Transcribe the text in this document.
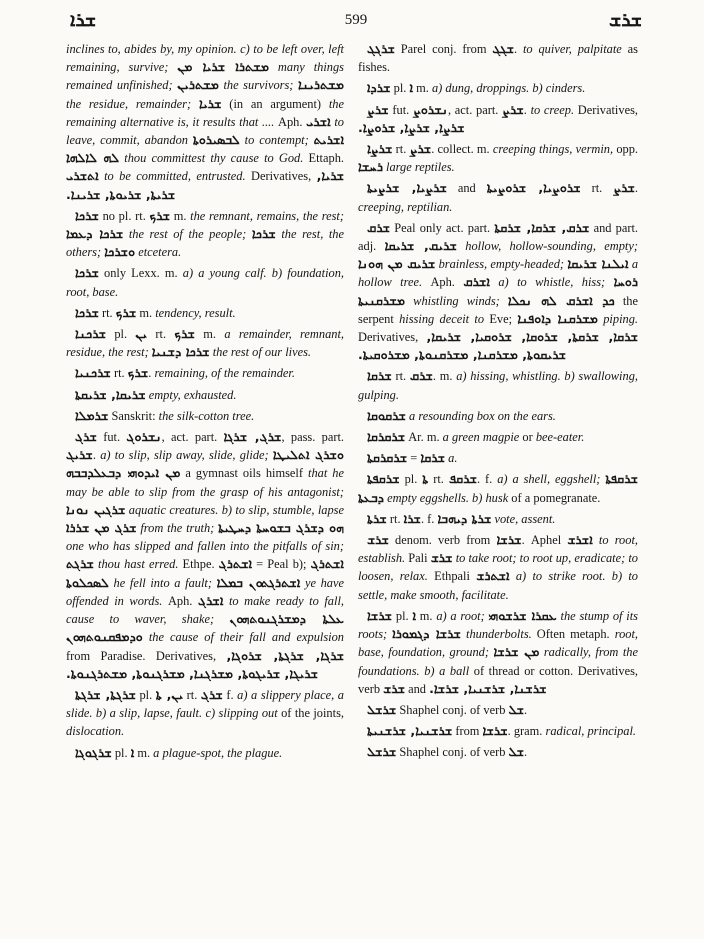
ܫܪܐ	599	ܫܪܫ

inclines to, abides by, my opinion. c) to be left over, left remaining, survive; ܡܫܬܪܐ ܫܪܝܐ ܡܢ many things remained unfinished; ܡܫܬܪܝܢ the survivors; ܡܫܬܪܝܢܐ the residue, remainder; ܫܪܝܐ (in an argument) the remaining alternative is, it results that .... Aph. ܐܫܪܝ to leave, commit, abandon ܠܒܣܝܪܘܬܐ to contempt; ܐܫܪܝܬ ܠܗ ܠܐܠܗܐ thou committest thy cause to God. Ettaph. ܐܬܫܪܝ to be committed, entrusted. Derivatives, ܫܪܝܐ, ܫܪܝܬܐ, ܫܪܝܘܬܐ, ܫܪܝܢܐ.

ܫܪܟܐ no pl. rt. ܫܪܟ m. the remnant, remains, the rest; ܫܪܟܐ ܕܥܡܐ the rest of the people; ܫܪܟܐ the rest, the others; ܘܫܪܟܐ etcetera.

ܫܪܟܐ only Lexx. m. a) a young calf. b) foundation, root, base.

ܫܪܟܐ rt. ܫܪܟ m. tendency, result.

ܫܪܟܢܐ pl. ܝܢ rt. ܫܪܟ m. a remainder, remnant, residue, the rest; ܫܪܟܐ ܕܫܢܝܐ the rest of our lives.

ܫܪܟܢܝܐ rt. ܫܪܟ. remaining, of the remainder.

ܫܪܝܩܐ, ܫܪܝܩܬܐ empty, exhausted.

ܫܪܡܠܐ Sanskrit: the silk-cotton tree.

ܫܪܓ fut. ܢܫܪܘܓ, act. part. ܫܪܓ, ܫܪܓܐ, pass. part. ܫܪܝܓ. a) to slip, slip away, slide, glide; ܘܫܪܓ ܐܬܠܝܛܐ ܡܢ ܐܝܕܘܗܝ ܕܒܥܠܕܒܒܗ a gymnast oils himself that he may be able to slip from the grasp of his antagonist; ܫܪܓܝܢ ܢܘܢܐ aquatic creatures. b) to slip, stumble, lapse ܫܪܓ ܡܢ ܫܪܪܐ from the truth; ܗܘ ܕܫܪܓ ܒܫܘܚܬܐ ܕܚܛܝܬܐ one who has slipped and fallen into the pitfalls of sin; ܫܪܓܬ thou hast erred. Ethpe. ܐܫܬܪܓ = Peal b); ܐܫܬܪܓ ܠܣܟܠܘܬܐ he fell into a fault; ܐܫܬܪܓܬܘܢ ܒܡܠܐ ye have offended in words. Aph. ܐܫܪܓ to make ready to fall, cause to waver, shake; ܥܠܬܐ ܕܡܫܪܓܢܘܬܗܘܢ ܘܕܡܦܩܢܘܬܗܘܢ the cause of their fall and expulsion from Paradise. Derivatives, ܫܪܓܐ, ܫܪܓܬܐ, ܫܪܘܓܐ, ܫܪܝܓܐ, ܫܪܝܓܘܬܐ, ܡܫܪܓܢܐ, ܡܫܪܓܢܘܬܐ, ܡܫܬܪܓܢܘܬܐ.

ܫܪܓܬܐ, ܫܪܓܬܐ pl. ܝܢ, ܬܐ rt. ܫܪܓ f. a) a slippery place, a slide. b) a slip, lapse, fault. c) slipping out of the joints, dislocation.

ܫܪܓܘܓܐ pl. ܐ m. a plague-spot, the plague.

ܫܪܓܓ Parel conj. from ܫܓܓ. to quiver, palpitate as fishes.

ܫܪܕܐ pl. ܐ m. a) dung, droppings. b) cinders.

ܫܪܨ fut. ܢܫܪܘܨ, act. part. ܫܪܨ. to creep. Derivatives, ܫܪܨܐ, ܫܪܨܐ, ܫܪܘܨܐ.

ܫܪܨܐ rt. ܫܪܨ. collect. m. creeping things, vermin, opp. ܪܚܫܐ large reptiles.

ܫܪܨܝܐ, ܫܪܨܝܬܐ and ܫܪܘܨܝܐ, ܫܪܘܨܝܬܐ rt. ܫܪܨ. creeping, reptilian.

ܫܪܩ Peal only act. part. ܫܪܩ, ܫܪܩܐ, ܫܪܩܬܐ and part. adj. ܫܪܝܩ, ܫܪܝܩܐ hollow, hollow-sounding, empty; ܫܪܝܩ ܡܢ ܗܘܢܐ brainless, empty-headed; ܐܝܠܢܐ ܫܪܝܩܐ a hollow tree. Aph. ܐܫܪܩ a) to whistle, hiss; ܪܘܚܐ ܡܫܪܩܢܝܬܐ whistling winds; ܟܕ ܐܫܪܩ ܠܗ ܢܟܠܐ the serpent hissing deceit to Eve; ܡܫܪܩܢܐ ܕܐܘܦܢܐ piping. Derivatives, ܫܪܩܐ, ܫܪܩܬܐ, ܫܪܘܩܐ, ܫܪܘܩܝܐ, ܫܪܝܩܐ, ܫܪܝܩܘܬܐ, ܡܫܪܩܢܐ, ܡܫܪܩܢܘܬܐ, ܡܫܪܘܩܝܬܐ.

ܫܪܩܐ rt. ܫܪܩ. m. a) hissing, whistling. b) swallowing, gulping.

ܫܪܩܘܩܐ a resounding box on the ears.

ܫܪܩܪܩܐ Ar. m. a green magpie or bee-eater.

ܫܪܩܪܩܬܐ = ܫܪܩܐ a.

ܫܪܩܦܬܐ pl. ܬܐ rt. ܫܪܩܦ. f. a) a shell, eggshell; ܫܪܩܦܬܐ ܕܒܥܬܐ empty eggshells. b) husk of a pomegranate.

ܫܪܬܐ rt. ܫܪܐ. f. ܫܪܬܐ ܕܝܗܒܐ vote, assent.

ܫܪܫ denom. verb from ܫܪܫܐ. Aphel ܐܫܪܫ to root, establish. Pali ܫܪܫ to take root; to root up, eradicate; to loosen, relax. Ethpali ܐܫܬܪܫ a) to strike root. b) to settle, make smooth, facilitate.

ܫܪܫܐ pl. ܐ m. a) a root; ܥܩܪܐ ܫܪܫܘܗܝ the stump of its roots; ܫܪܫܐ ܕܓܡܘܪܐ thunderbolts. Often metaph. root, base, foundation, ground; ܡܢ ܫܪܫܐ radically, from the foundations. b) a ball of thread or cotton. Derivatives, verb ܫܪܫ and ܫܪܫܢܐ, ܫܪܫܢܝܐ, ܫܪܫܐ.

ܫܪܫܠ Shaphel conj. of verb ܫܠ.

ܫܪܫܢܝܐ, ܫܪܫܢܝܬܐ from ܫܪܫܐ. gram. radical, principal.

ܫܪܫܠ Shaphel conj. of verb ܫܠ.
